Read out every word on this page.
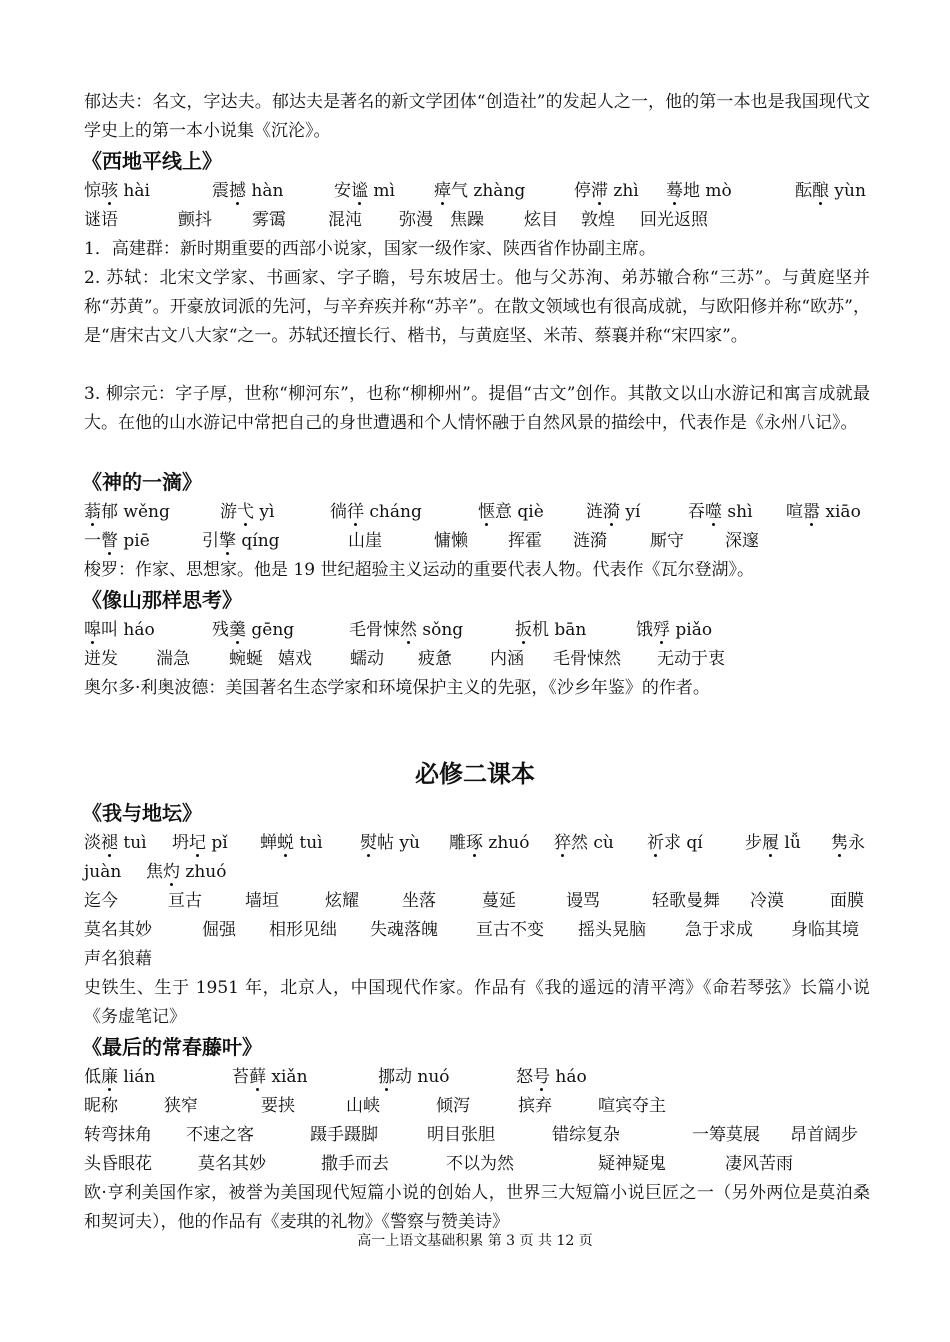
郁达夫：名文，字达夫。郁达夫是著名的新文学团体“创造社”的发起人之一，他的第一本也是我国现代文学史上的第一本小说集《沉沦》。
《西地平线上》
惊骇 hài	震撼 hàn	安谧 mì 瘴气 zhàng	停滞 zhì 蓦地 mò	酝酿 yùn
谜语	颤抖 雾霭 混沌 弥漫 焦躁 炫目 敦煌 回光返照
1．高建群：新时期重要的西部小说家，国家一级作家、陕西省作协副主席。
2. 苏轼：北宋文学家、书画家、字子瞻，号东坡居士。他与父苏洵、弟苏辙合称“三苏”。与黄庭坚并称“苏黄”。开豪放词派的先河，与辛弃疾并称“苏辛”。在散文领域也有很高成就，与欧阳修并称“欧苏”，是“唐宋古文八大家“之一。苏轼还擅长行、楷书，与黄庭坚、米芾、蔡襄并称“宋四家”。
3. 柳宗元：字子厚，世称“柳河东”，也称“柳柳州”。提倡“古文”创作。其散文以山水游记和寓言成就最大。在他的山水游记中常把自己的身世遭遇和个人情怀融于自然风景的描绘中，代表作是《永州八记》。
《神的一滴》
蓊郁 wěng	游弋 yì	徜徉 cháng	惬意 qiè 涟漪 yí	吞噬 shì 喧嚣 xiāo
一瞥 piē	引擎 qíng	山崖	慵懒 挥霍 涟漪	厮守 深邃
梭罗：作家、思想家。他是 19 世纪超验主义运动的重要代表人物。代表作《瓦尔登湖》。
《像山那样思考》
嗥叫 háo	残羹 gēng	毛骨悚然 sǒng	扳机 bān	饿殍 piǎo
迸发 湍急 蜿蜒 嬉戏 蠕动 疲惫 内涵 毛骨悚然 无动于衷
奥尔多·利奥波德：美国著名生态学家和环境保护主义的先驱，《沙乡年鉴》的作者。
必修二课本
《我与地坛》
淡褪 tuì 坍圮 pǐ 蝉蜕 tuì 熨帖 yù 雕琢 zhuó 猝然 cù 祈求 qí 步履 lǚ 隽永
juàn 焦灼 zhuó
迄今	亘古	墙垣	炫耀	坐落	蔓延	谩骂	轻歌曼舞 冷漠	面膜
莫名其妙	倔强 相形见绌 失魂落魄 亘古不变 摇头晃脑 急于求成 身临其境
声名狼藉
史铁生、生于 1951 年，北京人，中国现代作家。作品有《我的遥远的清平湾》《命若琴弦》长篇小说《务虚笔记》
《最后的常春藤叶》
低廉 lián	苔藓 xiǎn	挪动 nuó	怒号 háo
昵称	狭窄	要挟	山峡	倾泻	摈弃	喧宾夺主
转弯抹角 不速之客	蹑手蹑脚	明目张胆	错综复杂	一筹莫展 昂首阔步
头昏眼花	莫名其妙	撒手而去	不以为然	疑神疑鬼	凄风苦雨
欧·亨利美国作家，被誉为美国现代短篇小说的创始人，世界三大短篇小说巨匠之一（另外两位是莫泊桑和契诃夫），他的作品有《麦琪的礼物》《警察与赞美诗》
高一上语文基础积累 第 3 页 共 12 页
